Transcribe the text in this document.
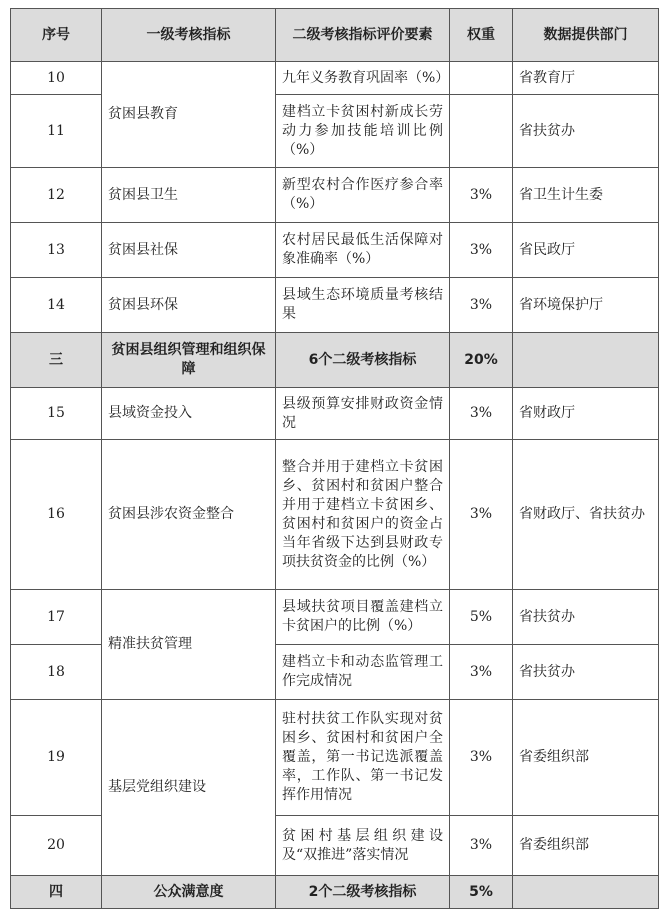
序号	一级考核指标	二级考核指标评价要素	权重	数据提供部门
10	贫困县教育	九年义务教育巩固率（%）		省教育厅
11		建档立卡贫困村新成长劳动力参加技能培训比例（%）		省扶贫办
12	贫困县卫生	新型农村合作医疗参合率（%）	3%	省卫生计生委
13	贫困县社保	农村居民最低生活保障对象准确率（%）	3%	省民政厅
14	贫困县环保	县域生态环境质量考核结果	3%	省环境保护厅
三	贫困县组织管理和组织保障	6个二级考核指标	20%	
15	县域资金投入	县级预算安排财政资金情况	3%	省财政厅
16	贫困县涉农资金整合	整合并用于建档立卡贫困乡、贫困村和贫困户整合并用于建档立卡贫困乡、贫困村和贫困户的资金占当年省级下达到县财政专项扶贫资金的比例（%）	3%	省财政厅、省扶贫办
17	精准扶贫管理	县域扶贫项目覆盖建档立卡贫困户的比例（%）	5%	省扶贫办
18		建档立卡和动态监管理工作完成情况	3%	省扶贫办
19	基层党组织建设	驻村扶贫工作队实现对贫困乡、贫困村和贫困户全覆盖，第一书记选派覆盖率，工作队、第一书记发挥作用情况	3%	省委组织部
20		贫困村基层组织建设及“双推进”落实情况	3%	省委组织部
四	公众满意度	2个二级考核指标	5%	
